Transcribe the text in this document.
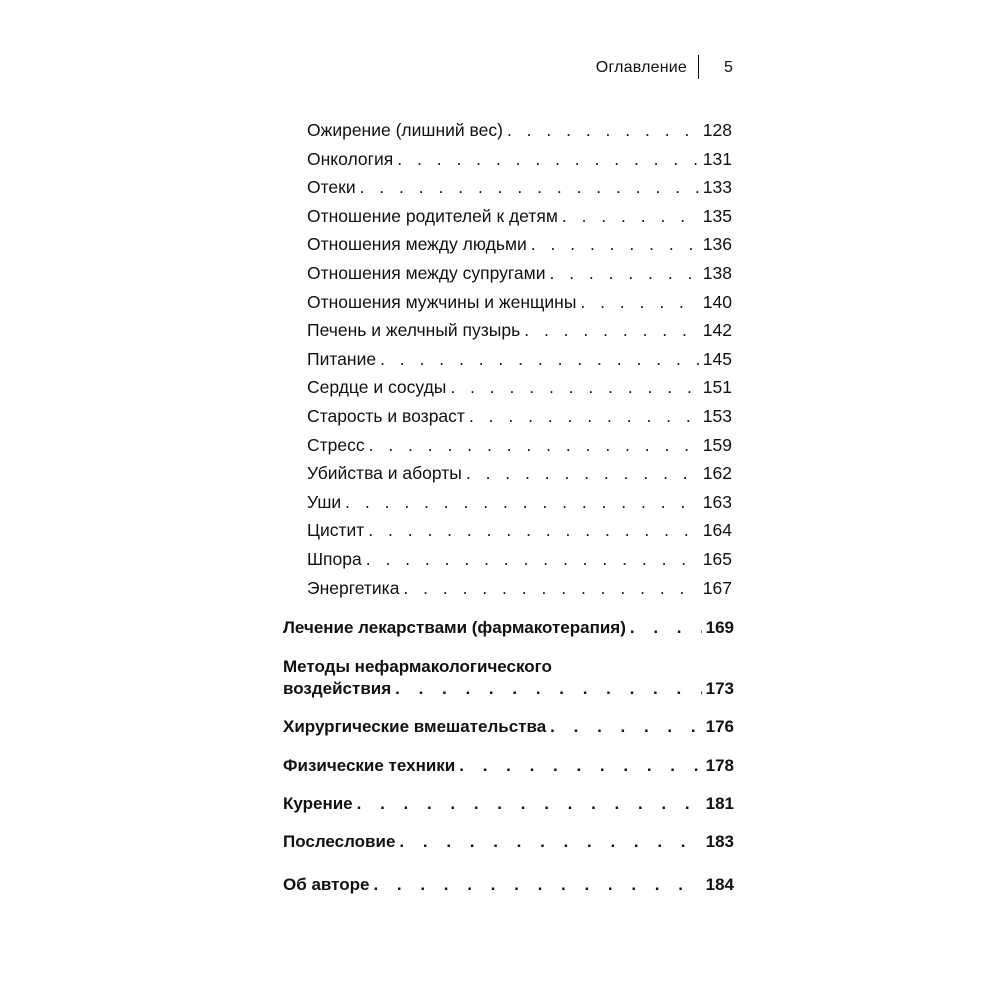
Оглавление 5
Ожирение (лишний вес) . . .	128
Онкология . . .	131
Отеки . . .	133
Отношение родителей к детям . . .	135
Отношения между людьми . . .	136
Отношения между супругами . . .	138
Отношения мужчины и женщины . . .	140
Печень и желчный пузырь . . .	142
Питание . . .	145
Сердце и сосуды . . .	151
Старость и возраст . . .	153
Стресс . . .	159
Убийства и аборты . . .	162
Уши . . .	163
Цистит . . .	164
Шпора . . .	165
Энергетика . . .	167
Лечение лекарствами (фармакотерапия) . . .	169
Методы нефармакологического
воздействия . . .	173
Хирургические вмешательства . . .	176
Физические техники . . .	178
Курение . . .	181
Послесловие . . .	183
Об авторе . . .	184
